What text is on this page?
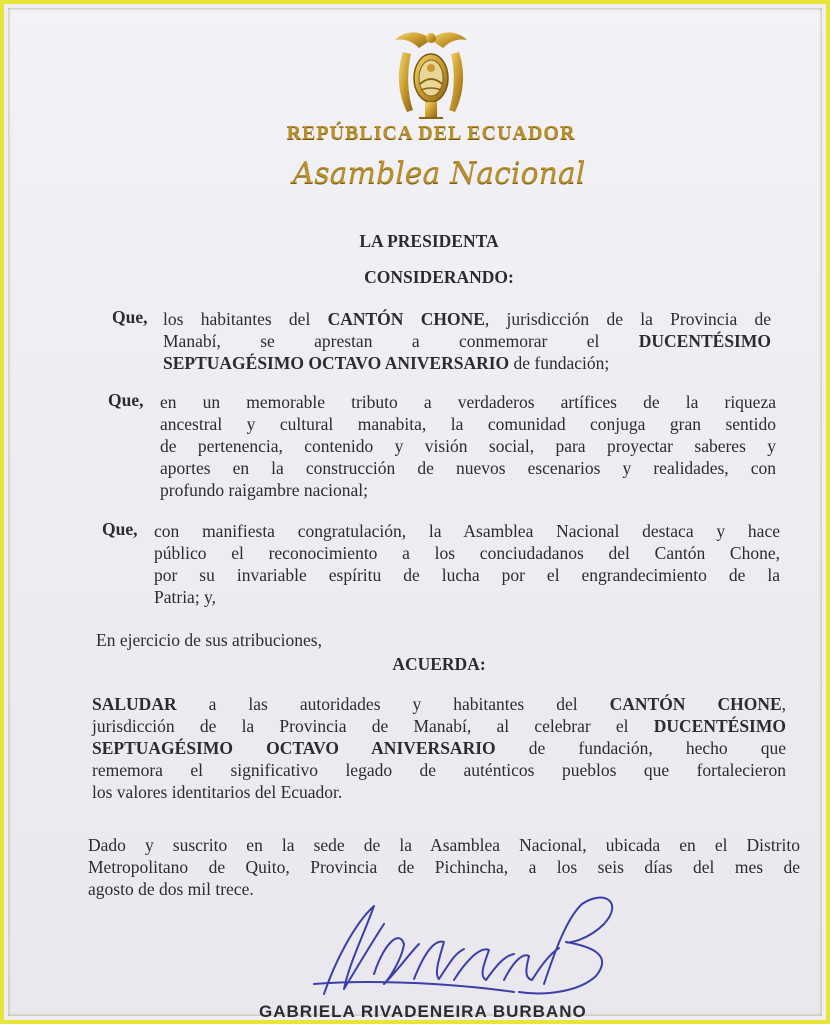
REPÚBLICA DEL ECUADOR
Asamblea Nacional
LA PRESIDENTA
CONSIDERANDO:
Que, los habitantes del CANTÓN CHONE, jurisdicción de la Provincia de
Manabí, se aprestan a conmemorar el DUCENTÉSIMO
SEPTUAGÉSIMO OCTAVO ANIVERSARIO de fundación;
Que, en un memorable tributo a verdaderos artífices de la riqueza
ancestral y cultural manabita, la comunidad conjuga gran sentido
de pertenencia, contenido y visión social, para proyectar saberes y
aportes en la construcción de nuevos escenarios y realidades, con
profundo raigambre nacional;
Que, con manifiesta congratulación, la Asamblea Nacional destaca y hace
público el reconocimiento a los conciudadanos del Cantón Chone,
por su invariable espíritu de lucha por el engrandecimiento de la
Patria; y,
En ejercicio de sus atribuciones,
ACUERDA:
SALUDAR a las autoridades y habitantes del CANTÓN CHONE,
jurisdicción de la Provincia de Manabí, al celebrar el DUCENTÉSIMO
SEPTUAGÉSIMO OCTAVO ANIVERSARIO de fundación, hecho que
rememora el significativo legado de auténticos pueblos que fortalecieron
los valores identitarios del Ecuador.
Dado y suscrito en la sede de la Asamblea Nacional, ubicada en el Distrito
Metropolitano de Quito, Provincia de Pichincha, a los seis días del mes de
agosto de dos mil trece.
GABRIELA RIVADENEIRA BURBANO
